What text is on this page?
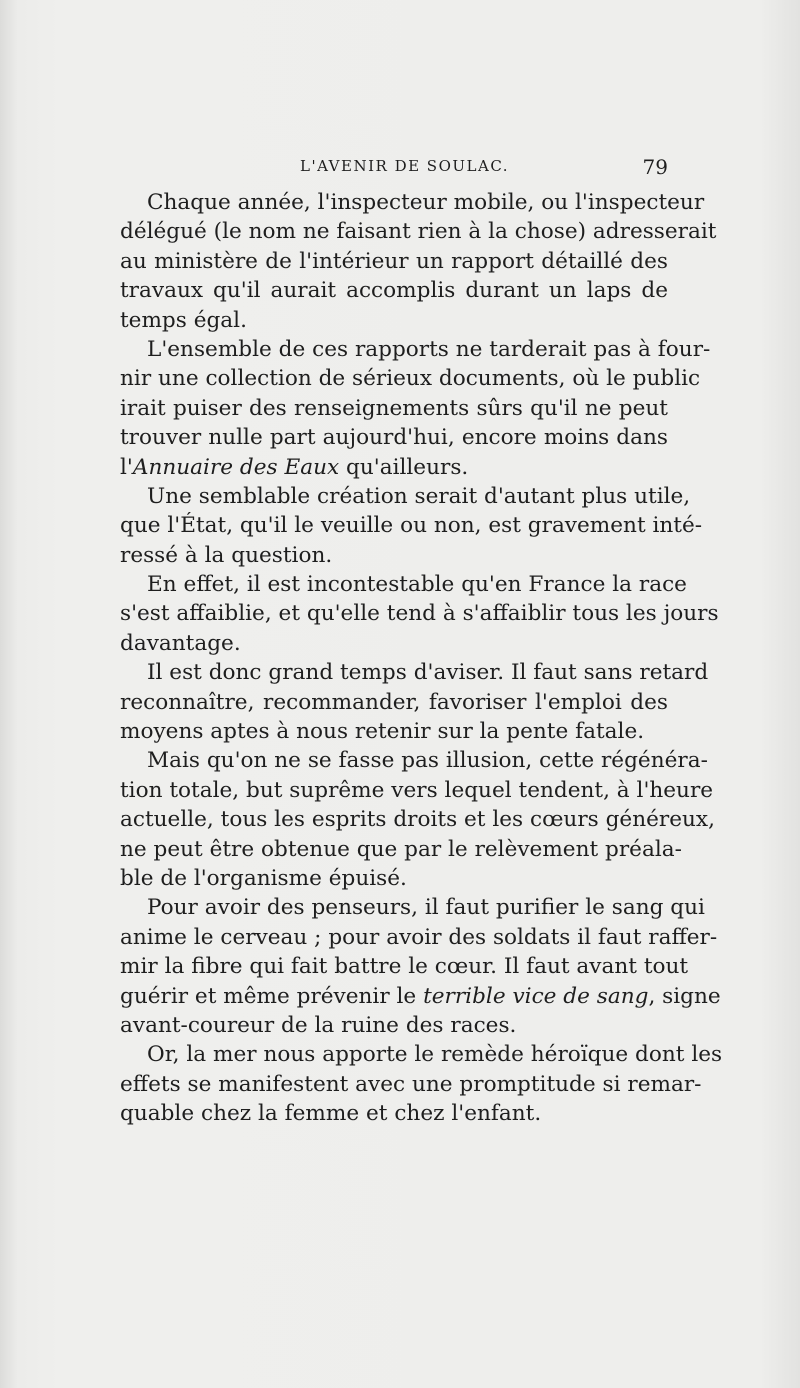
L'AVENIR DE SOULAC.	79
Chaque année, l'inspecteur mobile, ou l'inspecteur
délégué (le nom ne faisant rien à la chose) adresserait
au ministère de l'intérieur un rapport détaillé des
travaux qu'il aurait accomplis durant un laps de
temps égal.
L'ensemble de ces rapports ne tarderait pas à four-
nir une collection de sérieux documents, où le public
irait puiser des renseignements sûrs qu'il ne peut
trouver nulle part aujourd'hui, encore moins dans
l'Annuaire des Eaux qu'ailleurs.
Une semblable création serait d'autant plus utile,
que l'État, qu'il le veuille ou non, est gravement inté-
ressé à la question.
En effet, il est incontestable qu'en France la race
s'est affaiblie, et qu'elle tend à s'affaiblir tous les jours
davantage.
Il est donc grand temps d'aviser. Il faut sans retard
reconnaître, recommander, favoriser l'emploi des
moyens aptes à nous retenir sur la pente fatale.
Mais qu'on ne se fasse pas illusion, cette régénéra-
tion totale, but suprême vers lequel tendent, à l'heure
actuelle, tous les esprits droits et les cœurs généreux,
ne peut être obtenue que par le relèvement préala-
ble de l'organisme épuisé.
Pour avoir des penseurs, il faut purifier le sang qui
anime le cerveau ; pour avoir des soldats il faut raffer-
mir la fibre qui fait battre le cœur. Il faut avant tout
guérir et même prévenir le terrible vice de sang, signe
avant-coureur de la ruine des races.
Or, la mer nous apporte le remède héroïque dont les
effets se manifestent avec une promptitude si remar-
quable chez la femme et chez l'enfant.
